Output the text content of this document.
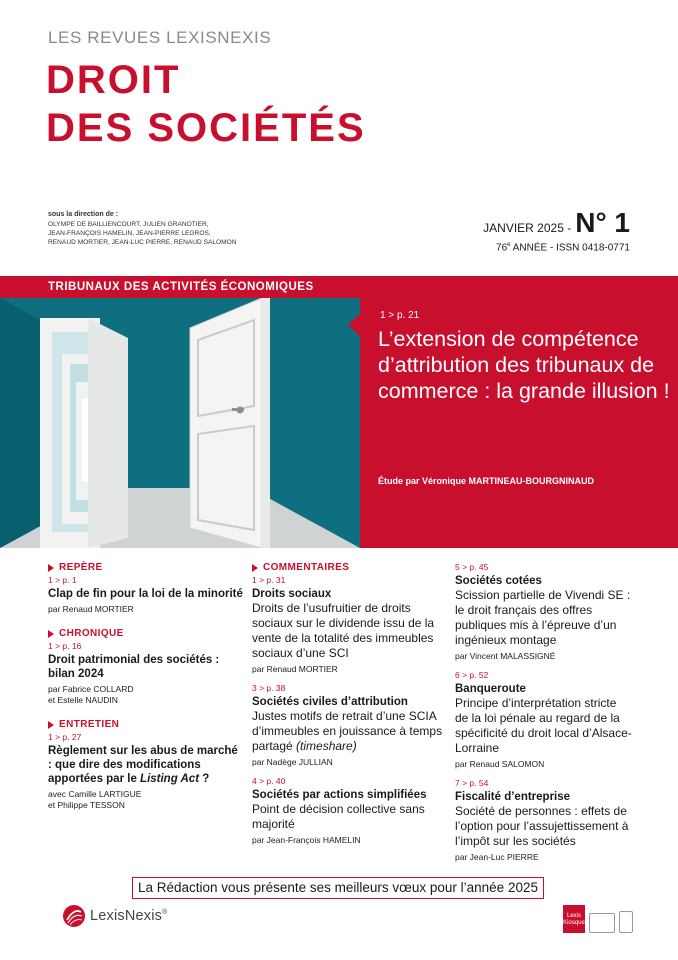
LES REVUES LEXISNEXIS
DROIT
DES SOCIÉTÉS
sous la direction de :
OLYMPE DE BAILLIENCOURT, JULIEN GRANOTIER,
JEAN-FRANÇOIS HAMELIN, JEAN-PIERRE LEGROS,
RENAUD MORTIER, JEAN-LUC PIERRE, RENAUD SALOMON
JANVIER 2025 - N° 1
76e ANNÉE - ISSN 0418-0771
TRIBUNAUX DES ACTIVITÉS ÉCONOMIQUES
1 > p. 21
L’extension de compétence d’attribution des tribunaux de commerce : la grande illusion !
Étude par Véronique MARTINEAU-BOURGNINAUD
REPÈRE
1 > p. 1
Clap de fin pour la loi de la minorité
par Renaud MORTIER
CHRONIQUE
1 > p. 16
Droit patrimonial des sociétés : bilan 2024
par Fabrice COLLARD
et Estelle NAUDIN
ENTRETIEN
1 > p. 27
Règlement sur les abus de marché : que dire des modifications apportées par le Listing Act ?
avec Camille LARTIGUE
et Philippe TESSON
COMMENTAIRES
1 > p. 31
Droits sociaux
Droits de l’usufruitier de droits sociaux sur le dividende issu de la vente de la totalité des immeubles sociaux d’une SCI
par Renaud MORTIER
3 > p. 38
Sociétés civiles d’attribution
Justes motifs de retrait d’une SCIA d’immeubles en jouissance à temps partagé (timeshare)
par Nadège JULLIAN
4 > p. 40
Sociétés par actions simplifiées
Point de décision collective sans majorité
par Jean-François HAMELIN
5 > p. 45
Sociétés cotées
Scission partielle de Vivendi SE : le droit français des offres publiques mis à l’épreuve d’un ingénieux montage
par Vincent MALASSIGNÉ
6 > p. 52
Banqueroute
Principe d’interprétation stricte de la loi pénale au regard de la spécificité du droit local d’Alsace-Lorraine
par Renaud SALOMON
7 > p. 54
Fiscalité d’entreprise
Société de personnes : effets de l’option pour l’assujettissement à l’impôt sur les sociétés
par Jean-Luc PIERRE
La Rédaction vous présente ses meilleurs vœux pour l’année 2025
LexisNexis®	Lexis Kiosque
